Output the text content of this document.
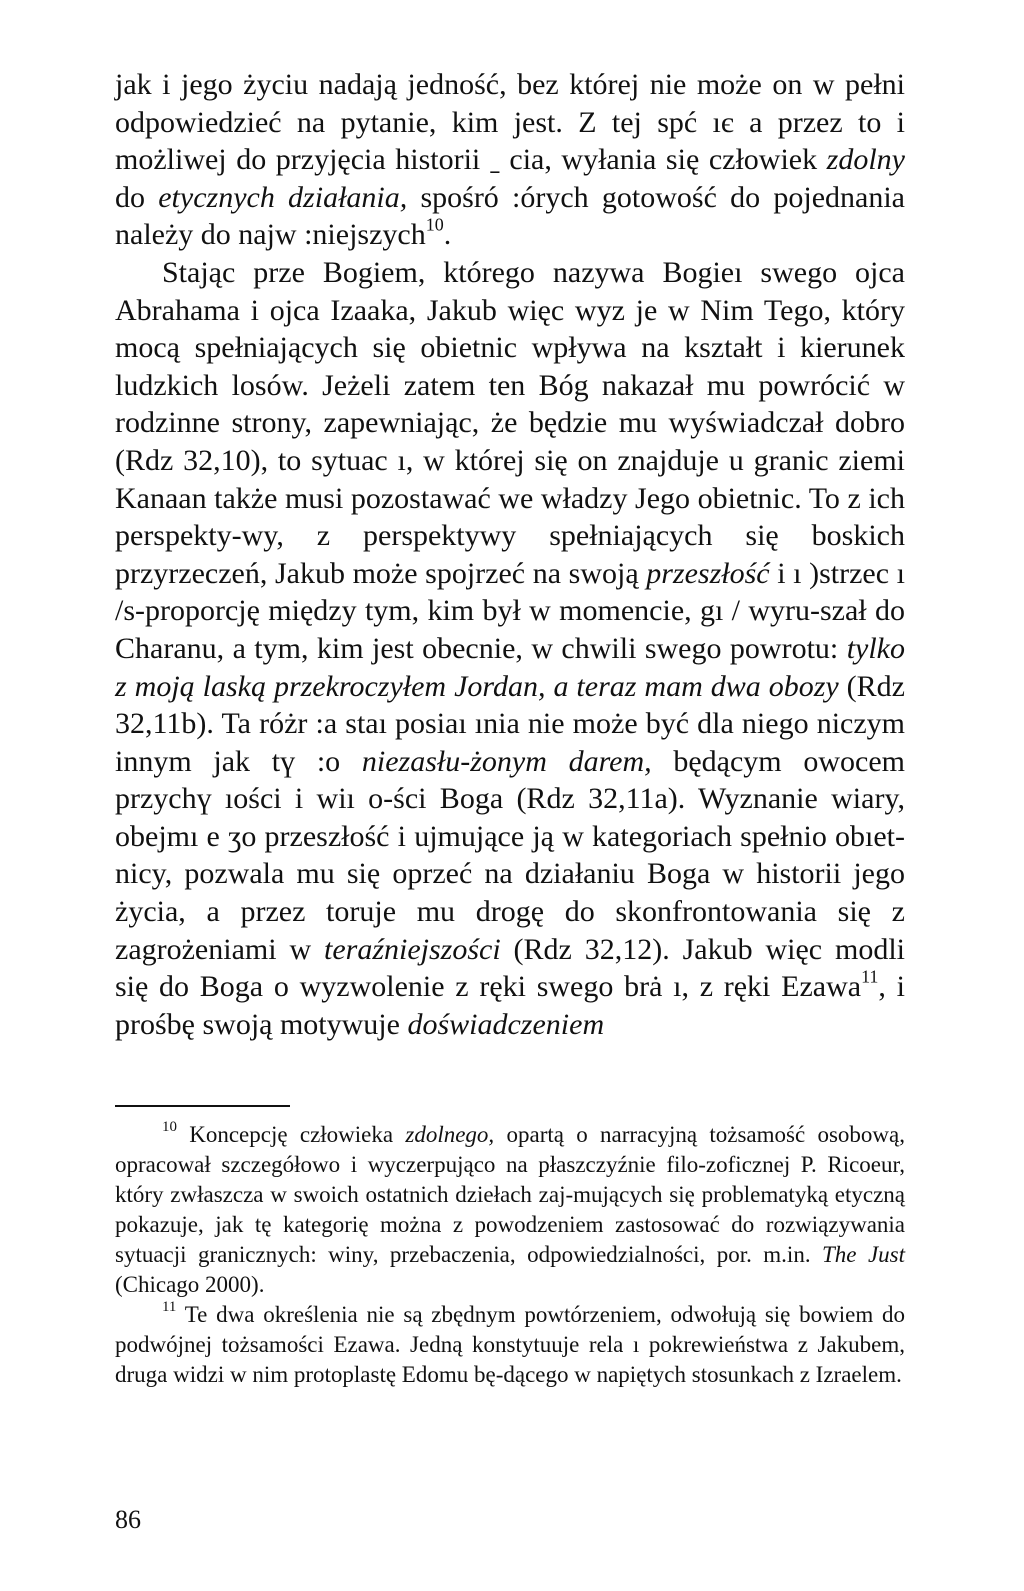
jak i jego życiu nadają jedność, bez której nie może on w pełni odpowiedzieć na pytanie, kim jest. Z tej spć ıє a przez to i możliwej do przyjęcia historii ˍ cia, wyłania się człowiek zdolny do etycznych działania, spośró :órych gotowość do pojednania należy do najw :niejszych$^{10}$.

Stając prze Bogiem, którego nazywa Bogieı swego ojca Abrahama i ojca Izaaka, Jakub więc wyz je w Nim Tego, który mocą spełniających się obietnic wpływa na kształt i kierunek ludzkich losów. Jeżeli zatem ten Bóg nakazał mu powrócić w rodzinne strony, zapewniając, że będzie mu wyświadczał dobro (Rdz 32,10), to sytuac ı, w której się on znajduje u granic ziemi Kanaan także musi pozostawać we władzy Jego obietnic. To z ich perspekty-wy, z perspektywy spełniających się boskich przyrzeczeń, Jakub może spojrzeć na swoją przeszłość i ı )strzec ı /s-proporcję między tym, kim był w momencie, gı / wyru-szał do Charanu, a tym, kim jest obecnie, w chwili swego powrotu: tylko z moją laską przekroczyłem Jordan, a teraz mam dwa obozy (Rdz 32,11b). Ta różr :a staı posiaı ınia nie może być dla niego niczym innym jak tү :o niezasłu-żonym darem, będącym owocem przychү ıości i wiı o-ści Boga (Rdz 32,11a). Wyznanie wiary, obejmı e ʒo przeszłość i ujmujące ją w kategoriach spełnio obıet-nicy, pozwala mu się oprzeć na działaniu Boga w historii jego życia, a przez toruje mu drogę do skonfrontowania się z zagrożeniami w teraźniejszości (Rdz 32,12). Jakub więc modli się do Boga o wyzwolenie z ręki swego brȧ ı, z ręki Ezawa$^{11}$, i prośbę swoją motywuje doświadczeniem

$^{10}$ Koncepcję człowieka zdolnego, opartą o narracyjną tożsamość osobową, opracował szczegółowo i wyczerpująco na płaszczyźnie filo-zoficznej P. Ricoeur, który zwłaszcza w swoich ostatnich dziełach zaj-mujących się problematyką etyczną pokazuje, jak tę kategorię można z powodzeniem zastosować do rozwiązywania sytuacji granicznych: winy, przebaczenia, odpowiedzialności, por. m.in. The Just (Chicago 2000).

$^{11}$ Te dwa określenia nie są zbędnym powtórzeniem, odwołują się bowiem do podwójnej tożsamości Ezawa. Jedną konstytuuje rela ı pokrewieństwa z Jakubem, druga widzi w nim protoplastę Edomu bę-dącego w napiętych stosunkach z Izraelem.

86
